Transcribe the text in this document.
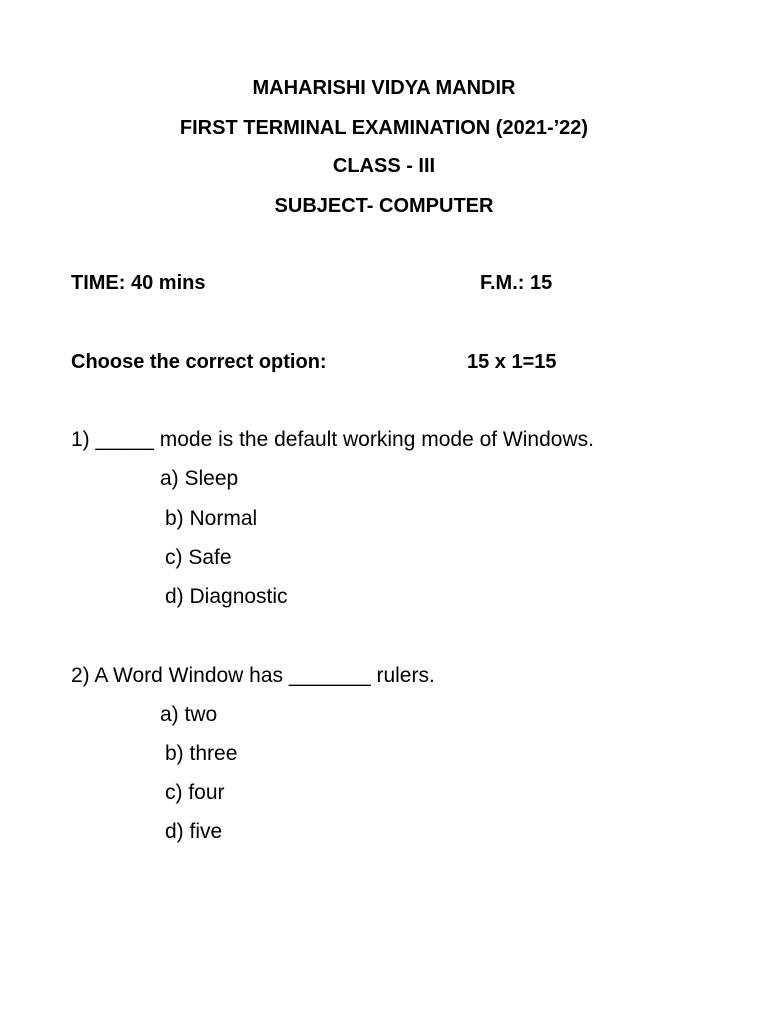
MAHARISHI VIDYA MANDIR
FIRST TERMINAL EXAMINATION (2021-’22)
CLASS - III
SUBJECT- COMPUTER
TIME: 40 mins	F.M.: 15
Choose the correct option:	15 x 1=15
1) _____ mode is the default working mode of Windows.
a) Sleep
b) Normal
c) Safe
d) Diagnostic
2) A Word Window has _______ rulers.
a) two
b) three
c) four
d) five
